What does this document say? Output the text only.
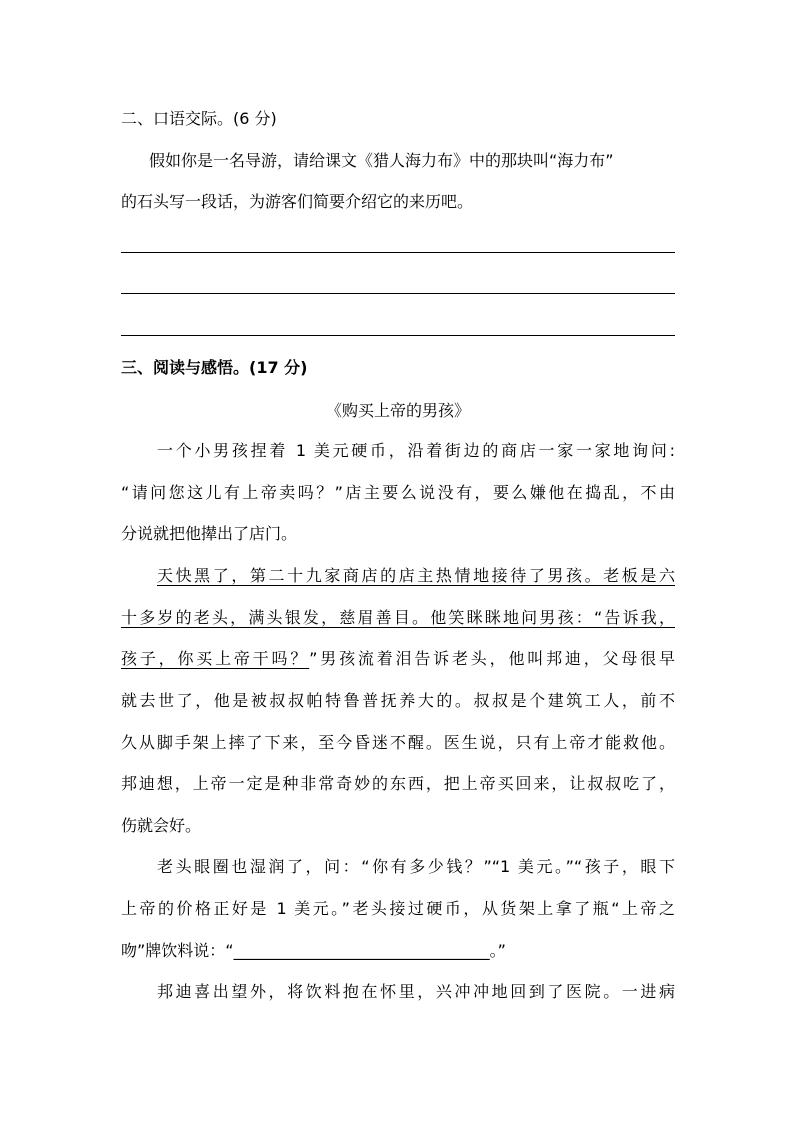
二、口语交际。(6 分)
假如你是一名导游，请给课文《猎人海力布》中的那块叫“海力布”
的石头写一段话，为游客们简要介绍它的来历吧。
三、阅读与感悟。(17 分)
《购买上帝的男孩》
一个小男孩捏着 1 美元硬币，沿着街边的商店一家一家地询问:
“请问您这儿有上帝卖吗？”店主要么说没有，要么嫌他在捣乱，不由
分说就把他撵出了店门。
天快黑了，第二十九家商店的店主热情地接待了男孩。老板是六
十多岁的老头，满头银发，慈眉善目。他笑眯眯地问男孩：“告诉我，
孩子，你买上帝干吗？”男孩流着泪告诉老头，他叫邦迪，父母很早
就去世了，他是被叔叔帕特鲁普抚养大的。叔叔是个建筑工人，前不
久从脚手架上摔了下来，至今昏迷不醒。医生说，只有上帝才能救他。
邦迪想，上帝一定是种非常奇妙的东西，把上帝买回来，让叔叔吃了，
伤就会好。
老头眼圈也湿润了，问：“你有多少钱？”“1 美元。”“孩子，眼下
上帝的价格正好是 1 美元。”老头接过硬币，从货架上拿了瓶“上帝之
吻”牌饮料说：“________________________________。”
邦迪喜出望外，将饮料抱在怀里，兴冲冲地回到了医院。一进病
